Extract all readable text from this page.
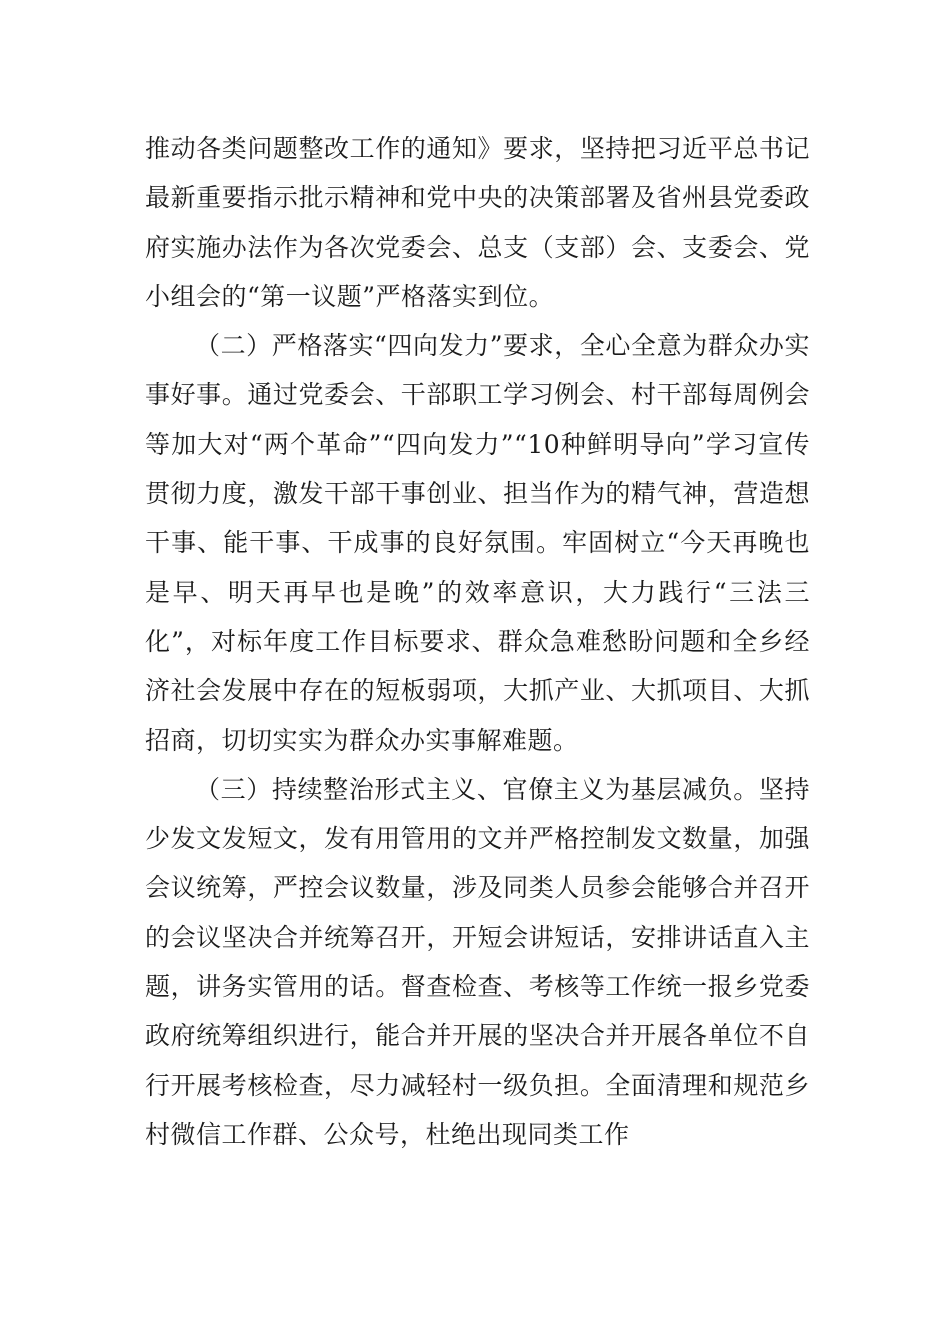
推动各类问题整改工作的通知》要求，坚持把习近平总书记最新重要指示批示精神和党中央的决策部署及省州县党委政府实施办法作为各次党委会、总支（支部）会、支委会、党小组会的“第一议题”严格落实到位。

（二）严格落实“四向发力”要求，全心全意为群众办实事好事。通过党委会、干部职工学习例会、村干部每周例会等加大对“两个革命”“四向发力”“10种鲜明导向”学习宣传贯彻力度，激发干部干事创业、担当作为的精气神，营造想干事、能干事、干成事的良好氛围。牢固树立“今天再晚也是早、明天再早也是晚”的效率意识，大力践行“三法三化”，对标年度工作目标要求、群众急难愁盼问题和全乡经济社会发展中存在的短板弱项，大抓产业、大抓项目、大抓招商，切切实实为群众办实事解难题。

（三）持续整治形式主义、官僚主义为基层减负。坚持少发文发短文，发有用管用的文并严格控制发文数量，加强会议统筹，严控会议数量，涉及同类人员参会能够合并召开的会议坚决合并统筹召开，开短会讲短话，安排讲话直入主题，讲务实管用的话。督查检查、考核等工作统一报乡党委政府统筹组织进行，能合并开展的坚决合并开展各单位不自行开展考核检查，尽力减轻村一级负担。全面清理和规范乡村微信工作群、公众号，杜绝出现同类工作
